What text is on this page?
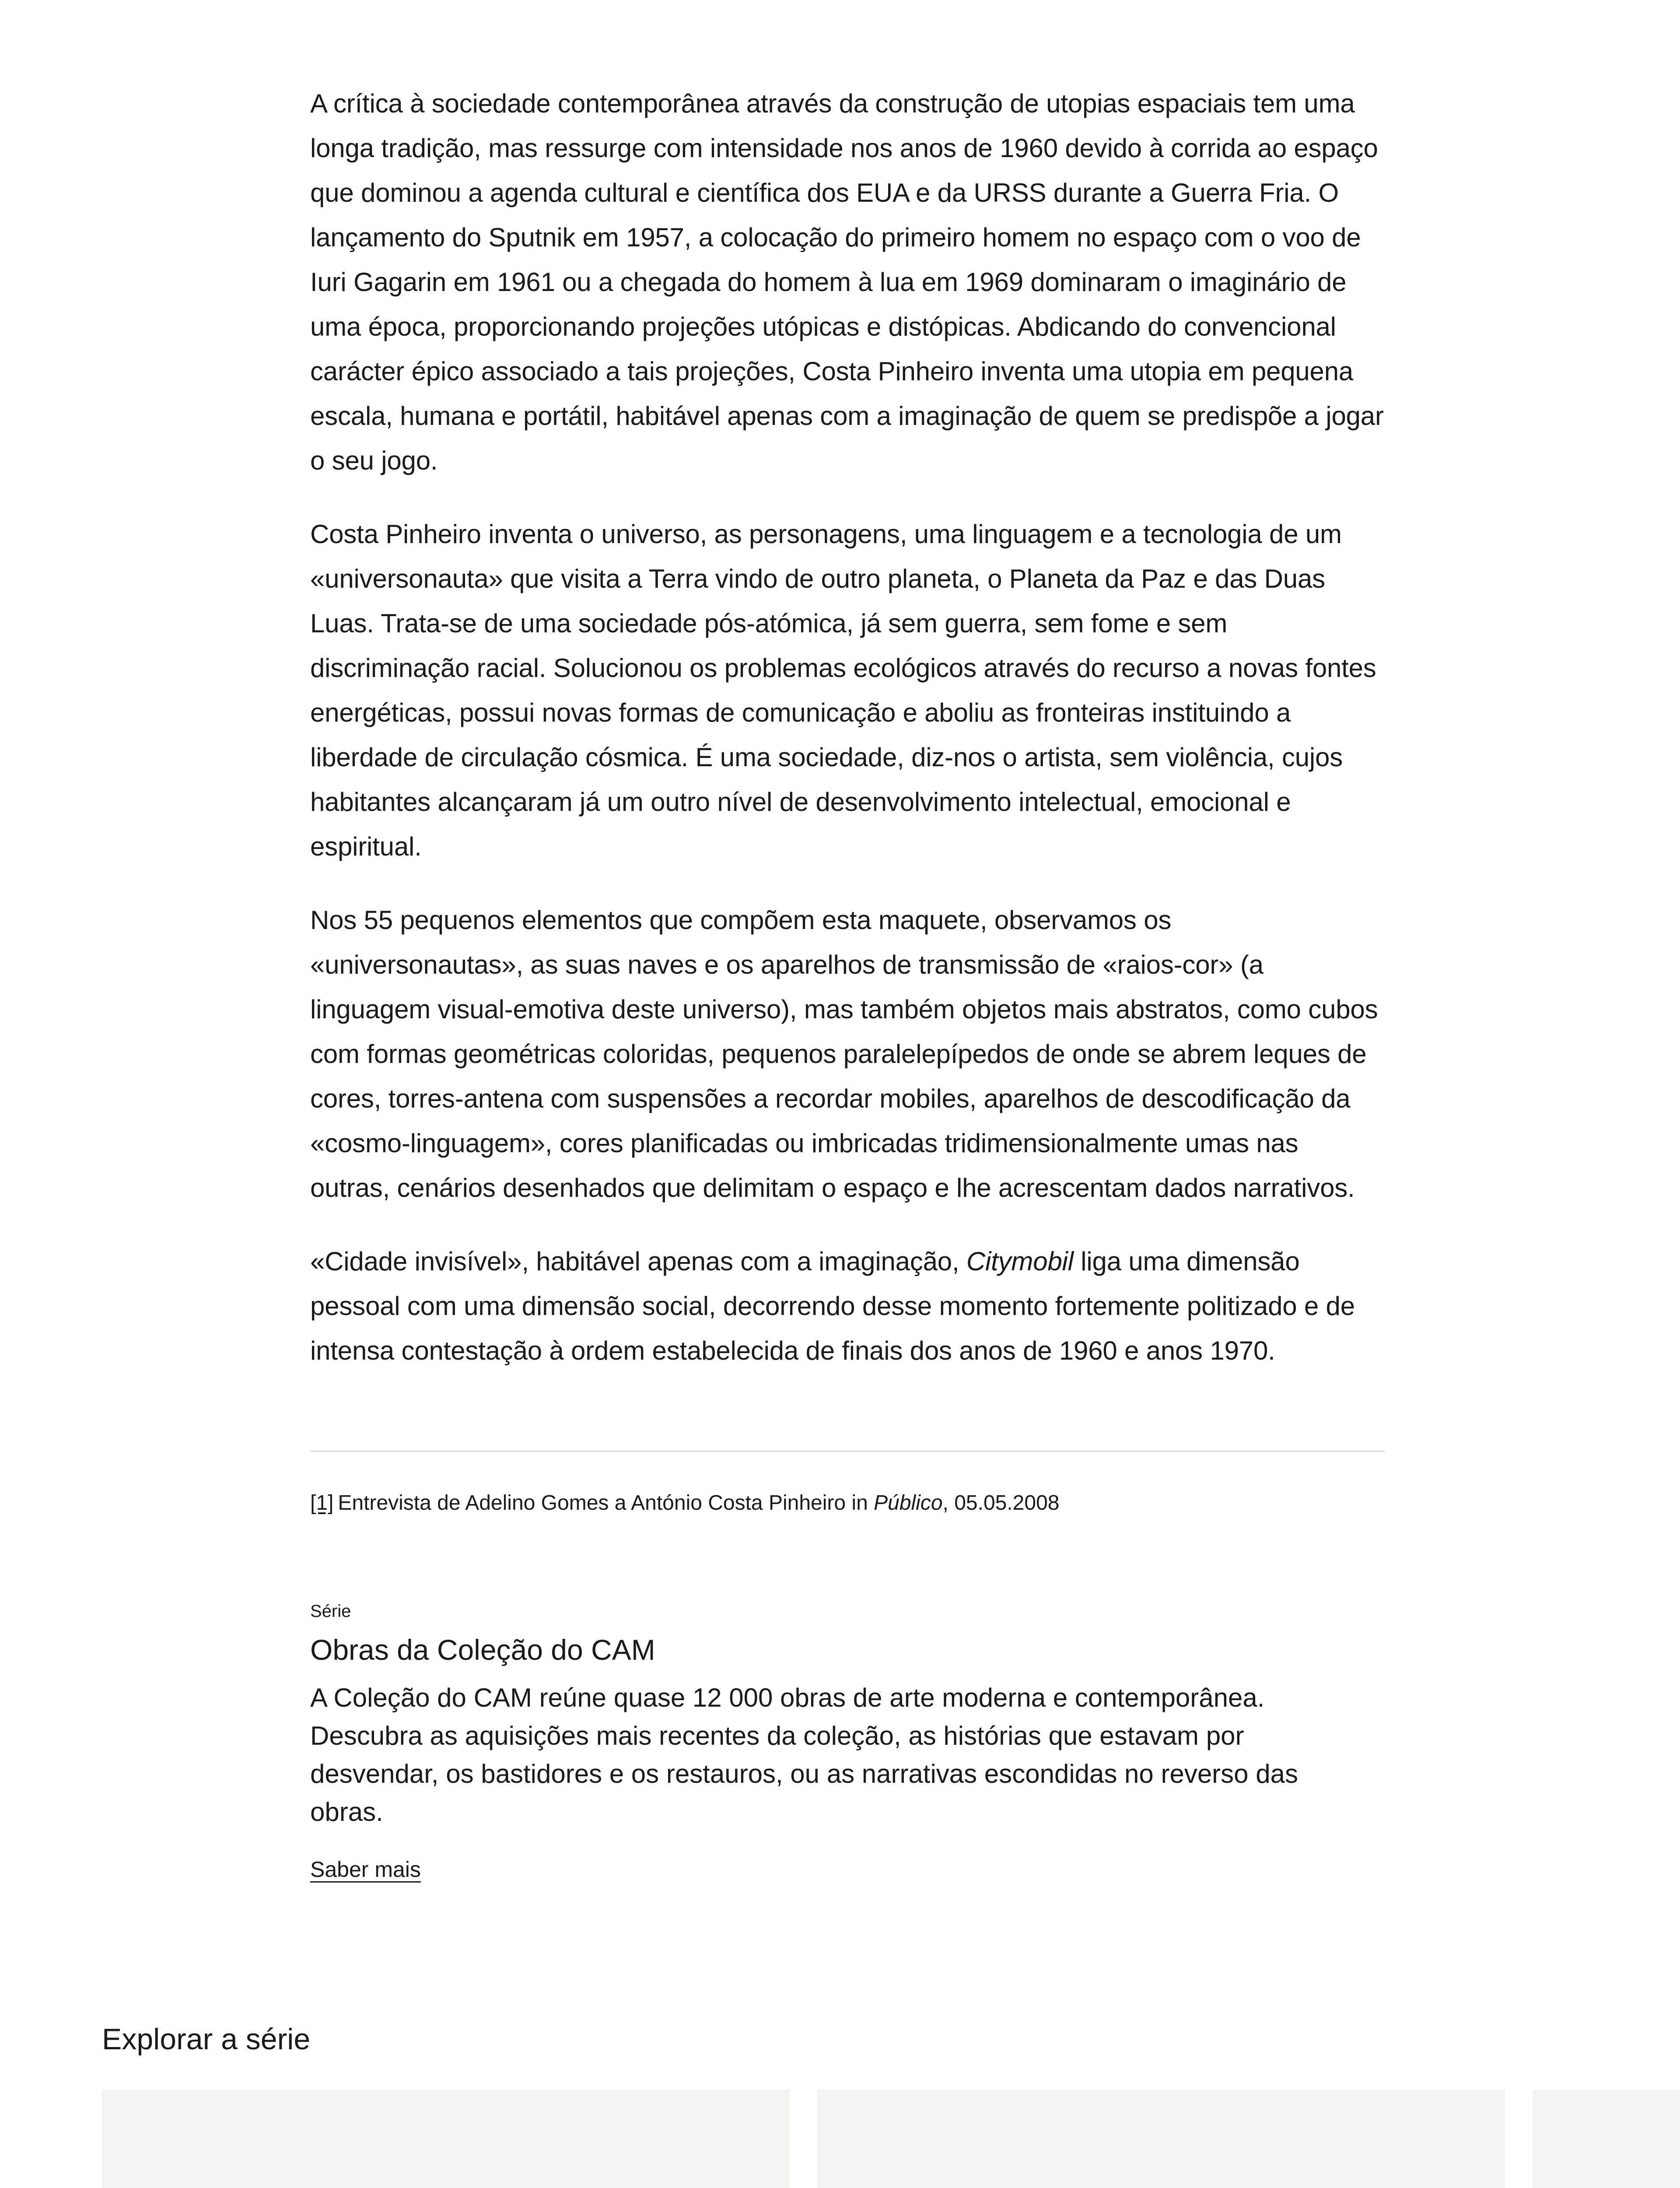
A crítica à sociedade contemporânea através da construção de utopias espaciais tem uma longa tradição, mas ressurge com intensidade nos anos de 1960 devido à corrida ao espaço que dominou a agenda cultural e científica dos EUA e da URSS durante a Guerra Fria. O lançamento do Sputnik em 1957, a colocação do primeiro homem no espaço com o voo de Iuri Gagarin em 1961 ou a chegada do homem à lua em 1969 dominaram o imaginário de uma época, proporcionando projeções utópicas e distópicas. Abdicando do convencional carácter épico associado a tais projeções, Costa Pinheiro inventa uma utopia em pequena escala, humana e portátil, habitável apenas com a imaginação de quem se predispõe a jogar o seu jogo.

Costa Pinheiro inventa o universo, as personagens, uma linguagem e a tecnologia de um «universonauta» que visita a Terra vindo de outro planeta, o Planeta da Paz e das Duas Luas. Trata-se de uma sociedade pós-atómica, já sem guerra, sem fome e sem discriminação racial. Solucionou os problemas ecológicos através do recurso a novas fontes energéticas, possui novas formas de comunicação e aboliu as fronteiras instituindo a liberdade de circulação cósmica. É uma sociedade, diz-nos o artista, sem violência, cujos habitantes alcançaram já um outro nível de desenvolvimento intelectual, emocional e espiritual.

Nos 55 pequenos elementos que compõem esta maquete, observamos os «universonautas», as suas naves e os aparelhos de transmissão de «raios-cor» (a linguagem visual-emotiva deste universo), mas também objetos mais abstratos, como cubos com formas geométricas coloridas, pequenos paralelepípedos de onde se abrem leques de cores, torres-antena com suspensões a recordar mobiles, aparelhos de descodificação da «cosmo-linguagem», cores planificadas ou imbricadas tridimensionalmente umas nas outras, cenários desenhados que delimitam o espaço e lhe acrescentam dados narrativos.

«Cidade invisível», habitável apenas com a imaginação, Citymobil liga uma dimensão pessoal com uma dimensão social, decorrendo desse momento fortemente politizado e de intensa contestação à ordem estabelecida de finais dos anos de 1960 e anos 1970.

[1] Entrevista de Adelino Gomes a António Costa Pinheiro in Público, 05.05.2008

Série

Obras da Coleção do CAM

A Coleção do CAM reúne quase 12 000 obras de arte moderna e contemporânea. Descubra as aquisições mais recentes da coleção, as histórias que estavam por desvendar, os bastidores e os restauros, ou as narrativas escondidas no reverso das obras.

Saber mais
Explorar a série
